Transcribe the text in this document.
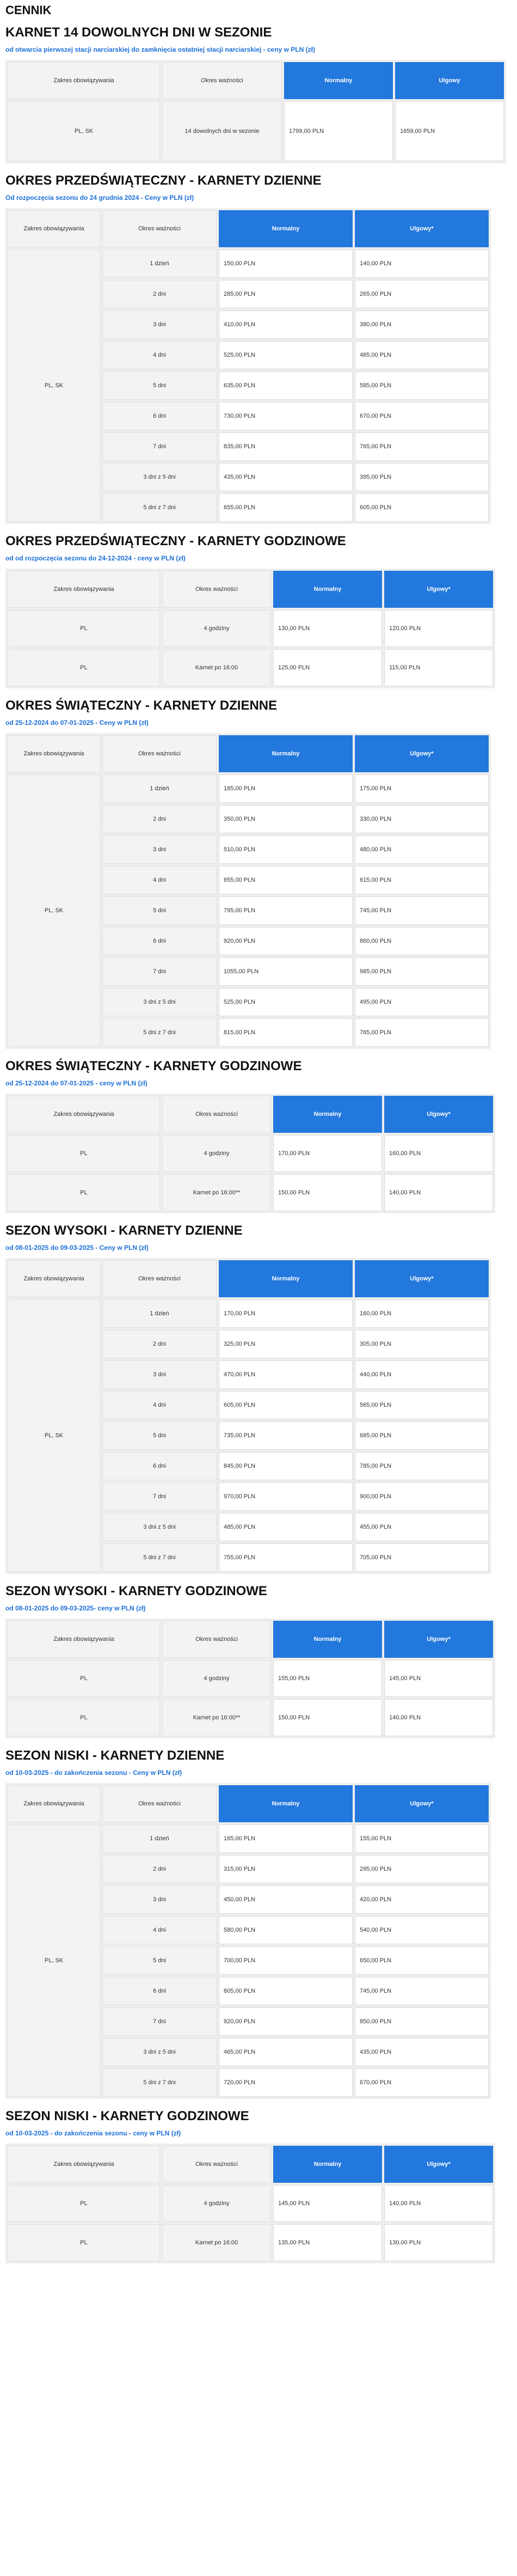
CENNIK
KARNET 14 DOWOLNYCH DNI W SEZONIE
od otwarcia pierwszej stacji narciarskiej do zamknięcia ostatniej stacji narciarskiej - ceny w PLN (zł)
Zakres obowiązywania	Okres ważności	Normalny	Ulgowy
PL, SK	14 dowolnych dni w sezonie	1799,00 PLN	1659,00 PLN
OKRES PRZEDŚWIĄTECZNY - KARNETY DZIENNE
Od rozpoczęcia sezonu do 24 grudnia 2024 - Ceny w PLN (zł)
Zakres obowiązywania	Okres ważności	Normalny	Ulgowy*
PL, SK	1 dzień	150,00 PLN	140,00 PLN
	2 dni	285,00 PLN	265,00 PLN
	3 dni	410,00 PLN	380,00 PLN
	4 dni	525,00 PLN	485,00 PLN
	5 dni	635,00 PLN	585,00 PLN
	6 dni	730,00 PLN	670,00 PLN
	7 dni	835,00 PLN	765,00 PLN
	3 dni z 5 dni	435,00 PLN	395,00 PLN
	5 dni z 7 dni	655,00 PLN	605,00 PLN
OKRES PRZEDŚWIĄTECZNY - KARNETY GODZINOWE
od od rozpoczęcia sezonu do 24-12-2024 - ceny w PLN (zł)
Zakres obowiązywania	Okres ważności	Normalny	Ulgowy*
PL	4 godziny	130,00 PLN	120,00 PLN
PL	Karnet po 16:00	125,00 PLN	115,00 PLN
OKRES ŚWIĄTECZNY - KARNETY DZIENNE
od 25-12-2024 do 07-01-2025 - Ceny w PLN (zł)
Zakres obowiązywania	Okres ważności	Normalny	Ulgowy*
PL, SK	1 dzień	185,00 PLN	175,00 PLN
	2 dni	350,00 PLN	330,00 PLN
	3 dni	510,00 PLN	480,00 PLN
	4 dni	655,00 PLN	615,00 PLN
	5 dni	795,00 PLN	745,00 PLN
	6 dni	920,00 PLN	860,00 PLN
	7 dni	1055,00 PLN	985,00 PLN
	3 dni z 5 dni	525,00 PLN	495,00 PLN
	5 dni z 7 dni	815,00 PLN	765,00 PLN
OKRES ŚWIĄTECZNY - KARNETY GODZINOWE
od 25-12-2024 do 07-01-2025 - ceny w PLN (zł)
Zakres obowiązywania	Okres ważności	Normalny	Ulgowy*
PL	4 godziny	170,00 PLN	160,00 PLN
PL	Karnet po 16:00**	150,00 PLN	140,00 PLN
SEZON WYSOKI - KARNETY DZIENNE
od 08-01-2025 do 09-03-2025 - Ceny w PLN (zł)
Zakres obowiązywania	Okres ważności	Normalny	Ulgowy*
PL, SK	1 dzień	170,00 PLN	160,00 PLN
	2 dni	325,00 PLN	305,00 PLN
	3 dni	470,00 PLN	440,00 PLN
	4 dni	605,00 PLN	565,00 PLN
	5 dni	735,00 PLN	685,00 PLN
	6 dni	845,00 PLN	785,00 PLN
	7 dni	970,00 PLN	900,00 PLN
	3 dni z 5 dni	485,00 PLN	455,00 PLN
	5 dni z 7 dni	755,00 PLN	705,00 PLN
SEZON WYSOKI - KARNETY GODZINOWE
od 08-01-2025 do 09-03-2025- ceny w PLN (zł)
Zakres obowiązywania	Okres ważności	Normalny	Ulgowy*
PL	4 godziny	155,00 PLN	145,00 PLN
PL	Karnet po 16:00**	150,00 PLN	140,00 PLN
SEZON NISKI - KARNETY DZIENNE
od 10-03-2025 - do zakończenia sezonu - Ceny w PLN (zł)
Zakres obowiązywania	Okres ważności	Normalny	Ulgowy*
PL, SK	1 dzień	165,00 PLN	155,00 PLN
	2 dni	315,00 PLN	295,00 PLN
	3 dni	450,00 PLN	420,00 PLN
	4 dni	580,00 PLN	540,00 PLN
	5 dni	700,00 PLN	650,00 PLN
	6 dni	805,00 PLN	745,00 PLN
	7 dni	920,00 PLN	850,00 PLN
	3 dni z 5 dni	465,00 PLN	435,00 PLN
	5 dni z 7 dni	720,00 PLN	670,00 PLN
SEZON NISKI - KARNETY GODZINOWE
od 10-03-2025 - do zakończenia sezonu - ceny w PLN (zł)
Zakres obowiązywania	Okres ważności	Normalny	Ulgowy*
PL	4 godziny	145,00 PLN	140,00 PLN
PL	Karnet po 16:00	135,00 PLN	130,00 PLN
